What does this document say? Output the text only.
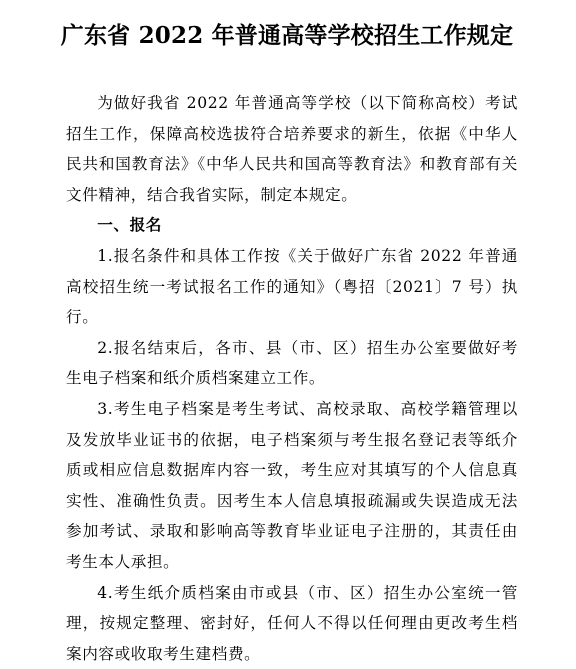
广东省 2022 年普通高等学校招生工作规定

为做好我省 2022 年普通高等学校（以下简称高校）考试招生工作，保障高校选拔符合培养要求的新生，依据《中华人民共和国教育法》《中华人民共和国高等教育法》和教育部有关文件精神，结合我省实际，制定本规定。

一、报名

1.报名条件和具体工作按《关于做好广东省 2022 年普通高校招生统一考试报名工作的通知》（粤招〔2021〕7 号）执行。

2.报名结束后，各市、县（市、区）招生办公室要做好考生电子档案和纸介质档案建立工作。

3.考生电子档案是考生考试、高校录取、高校学籍管理以及发放毕业证书的依据，电子档案须与考生报名登记表等纸介质或相应信息数据库内容一致，考生应对其填写的个人信息真实性、准确性负责。因考生本人信息填报疏漏或失误造成无法参加考试、录取和影响高等教育毕业证电子注册的，其责任由考生本人承担。

4.考生纸介质档案由市或县（市、区）招生办公室统一管理，按规定整理、密封好，任何人不得以任何理由更改考生档案内容或收取考生建档费。
